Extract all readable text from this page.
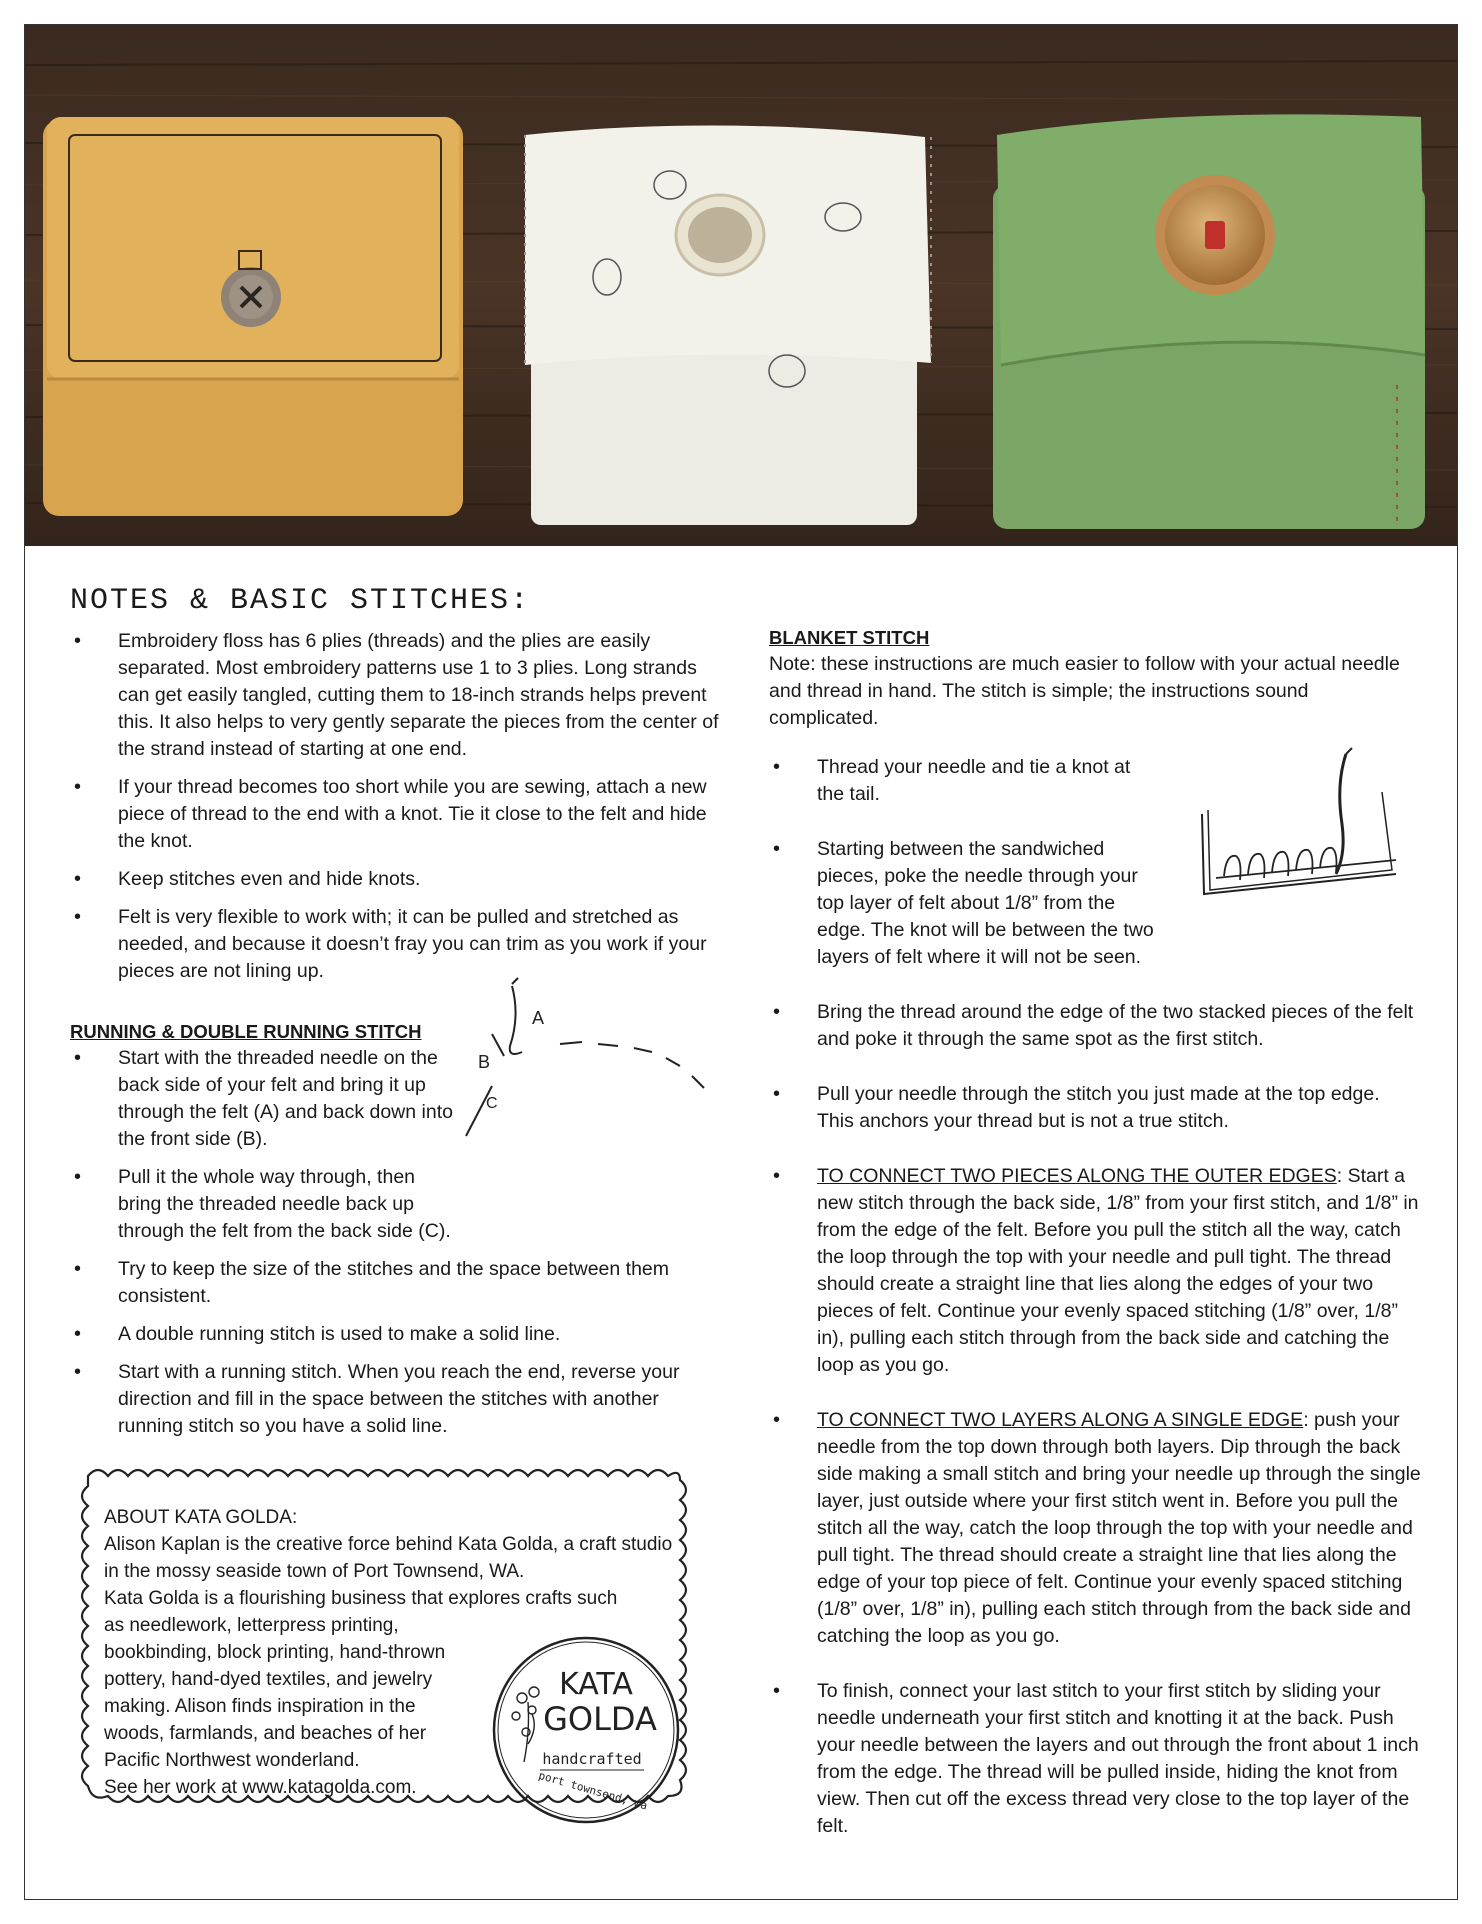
NOTES & BASIC STITCHES:
• Embroidery floss has 6 plies (threads) and the plies are easily separated. Most embroidery patterns use 1 to 3 plies. Long strands can get easily tangled, cutting them to 18-inch strands helps prevent this. It also helps to very gently separate the pieces from the center of the strand instead of starting at one end.
• If your thread becomes too short while you are sewing, attach a new piece of thread to the end with a knot. Tie it close to the felt and hide the knot.
• Keep stitches even and hide knots.
• Felt is very flexible to work with; it can be pulled and stretched as needed, and because it doesn’t fray you can trim as you work if your pieces are not lining up.

RUNNING & DOUBLE RUNNING STITCH

• Start with the threaded needle on the back side of your felt and bring it up through the felt (A) and back down into the front side (B).
• Pull it the whole way through, then bring the threaded needle back up through the felt from the back side (C).
• Try to keep the size of the stitches and the space between them consistent.
• A double running stitch is used to make a solid line.
• Start with a running stitch. When you reach the end, reverse your direction and fill in the space between the stitches with another running stitch so you have a solid line.
A
B
C
ABOUT KATA GOLDA:
Alison Kaplan is the creative force behind Kata Golda, a craft studio
in the mossy seaside town of Port Townsend, WA.
Kata Golda is a flourishing business that explores crafts such
as needlework, letterpress printing,
bookbinding, block printing, hand-thrown
pottery, hand-dyed textiles, and jewelry
making. Alison finds inspiration in the
woods, farmlands, and beaches of her
Pacific Northwest wonderland.
See her work at www.katagolda.com.
KATA
GOLDA
handcrafted
port townsend, wa

BLANKET STITCH

Note: these instructions are much easier to follow with your actual needle and thread in hand. The stitch is simple; the instructions sound complicated.

• Thread your needle and tie a knot at the tail.
• Starting between the sandwiched pieces, poke the needle through your top layer of felt about 1/8” from the edge. The knot will be between the two layers of felt where it will not be seen.
• Bring the thread around the edge of the two stacked pieces of the felt and poke it through the same spot as the first stitch.
• Pull your needle through the stitch you just made at the top edge. This anchors your thread but is not a true stitch.
• TO CONNECT TWO PIECES ALONG THE OUTER EDGES: Start a new stitch through the back side, 1/8” from your first stitch, and 1/8” in from the edge of the felt. Before you pull the stitch all the way, catch the loop through the top with your needle and pull tight. The thread should create a straight line that lies along the edges of your two pieces of felt. Continue your evenly spaced stitching (1/8” over, 1/8” in), pulling each stitch through from the back side and catching the loop as you go.
• TO CONNECT TWO LAYERS ALONG A SINGLE EDGE: push your needle from the top down through both layers. Dip through the back side making a small stitch and bring your needle up through the single layer, just outside where your first stitch went in. Before you pull the stitch all the way, catch the loop through the top with your needle and pull tight. The thread should create a straight line that lies along the edge of your top piece of felt. Continue your evenly spaced stitching (1/8” over, 1/8” in), pulling each stitch through from the back side and catching the loop as you go.
• To finish, connect your last stitch to your first stitch by sliding your needle underneath your first stitch and knotting it at the back. Push your needle between the layers and out through the front about 1 inch from the edge. The thread will be pulled inside, hiding the knot from view. Then cut off the excess thread very close to the top layer of the felt.
